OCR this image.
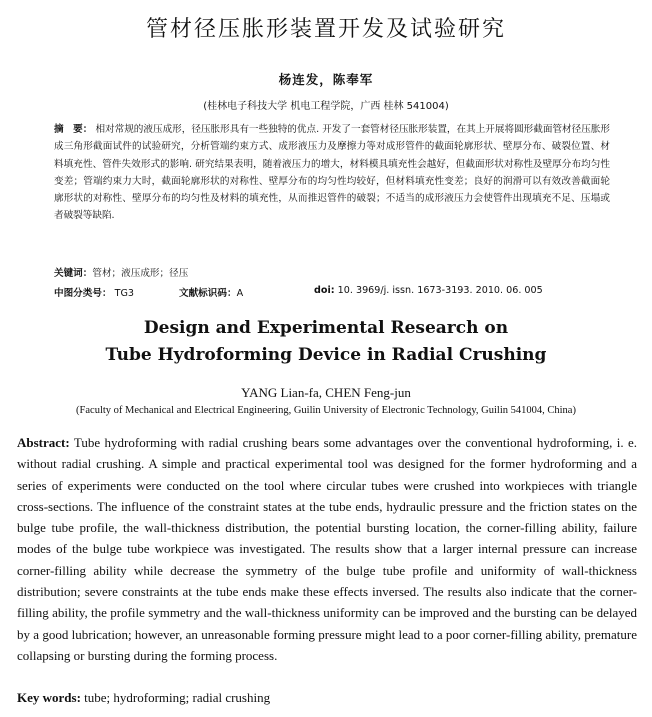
管材径压胀形装置开发及试验研究
杨连发，陈奉军
(桂林电子科技大学 机电工程学院，广西 桂林 541004)
摘　要： 相对常规的液压成形，径压胀形具有一些独特的优点. 开发了一套管材径压胀形装置，在其上开展将圆形截面管材径压胀形成三角形截面试件的试验研究，分析管端约束方式、成形液压力及摩擦力等对成形管件的截面轮廓形状、壁厚分布、破裂位置、材料填充性、管件失效形式的影响. 研究结果表明，随着液压力的增大，材料模具填充性会越好，但截面形状对称性及壁厚分布均匀性变差；管端约束力大时，截面轮廓形状的对称性、壁厚分布的均匀性均较好，但材料填充性变差；良好的润滑可以有效改善截面轮廓形状的对称性、壁厚分布的均匀性及材料的填充性，从而推迟管件的破裂；不适当的成形液压力会使管件出现填充不足、压塌或者破裂等缺陷.
关键词：管材；液压成形；径压
中图分类号： TG3	文献标识码：A	doi: 10. 3969/j. issn. 1673-3193. 2010. 06. 005
Design and Experimental Research on
Tube Hydroforming Device in Radial Crushing
YANG Lian-fa, CHEN Feng-jun
(Faculty of Mechanical and Electrical Engineering, Guilin University of Electronic Technology, Guilin 541004, China)
Abstract: Tube hydroforming with radial crushing bears some advantages over the conventional hydroforming, i. e. without radial crushing. A simple and practical experimental tool was designed for the former hydroforming and a series of experiments were conducted on the tool where circular tubes were crushed into workpieces with triangle cross-sections. The influence of the constraint states at the tube ends, hydraulic pressure and the friction states on the bulge tube profile, the wall-thickness distribution, the potential bursting location, the corner-filling ability, failure modes of the bulge tube workpiece was investigated. The results show that a larger internal pressure can increase corner-filling ability while decrease the symmetry of the bulge tube profile and uniformity of wall-thickness distribution; severe constraints at the tube ends make these effects inversed. The results also indicate that the corner-filling ability, the profile symmetry and the wall-thickness uniformity can be improved and the bursting can be delayed by a good lubrication; however, an unreasonable forming pressure might lead to a poor corner-filling ability, premature collapsing or bursting during the forming process.
Key words: tube; hydroforming; radial crushing
